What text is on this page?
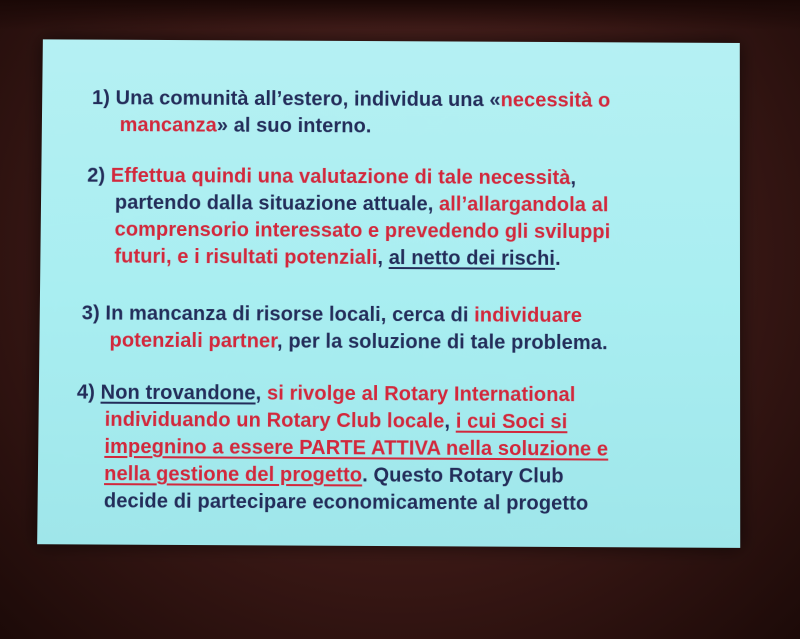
1) Una comunità all’estero, individua una «necessità o
mancanza» al suo interno.
2) Effettua quindi una valutazione di tale necessità,
partendo dalla situazione attuale, all’allargandola al
comprensorio interessato e prevedendo gli sviluppi
futuri, e i risultati potenziali, al netto dei rischi.
3) In mancanza di risorse locali, cerca di individuare
potenziali partner, per la soluzione di tale problema.
4) Non trovandone, si rivolge al Rotary International
individuando un Rotary Club locale, i cui Soci si
impegnino a essere PARTE ATTIVA nella soluzione e
nella gestione del progetto. Questo Rotary Club
decide di partecipare economicamente al progetto
